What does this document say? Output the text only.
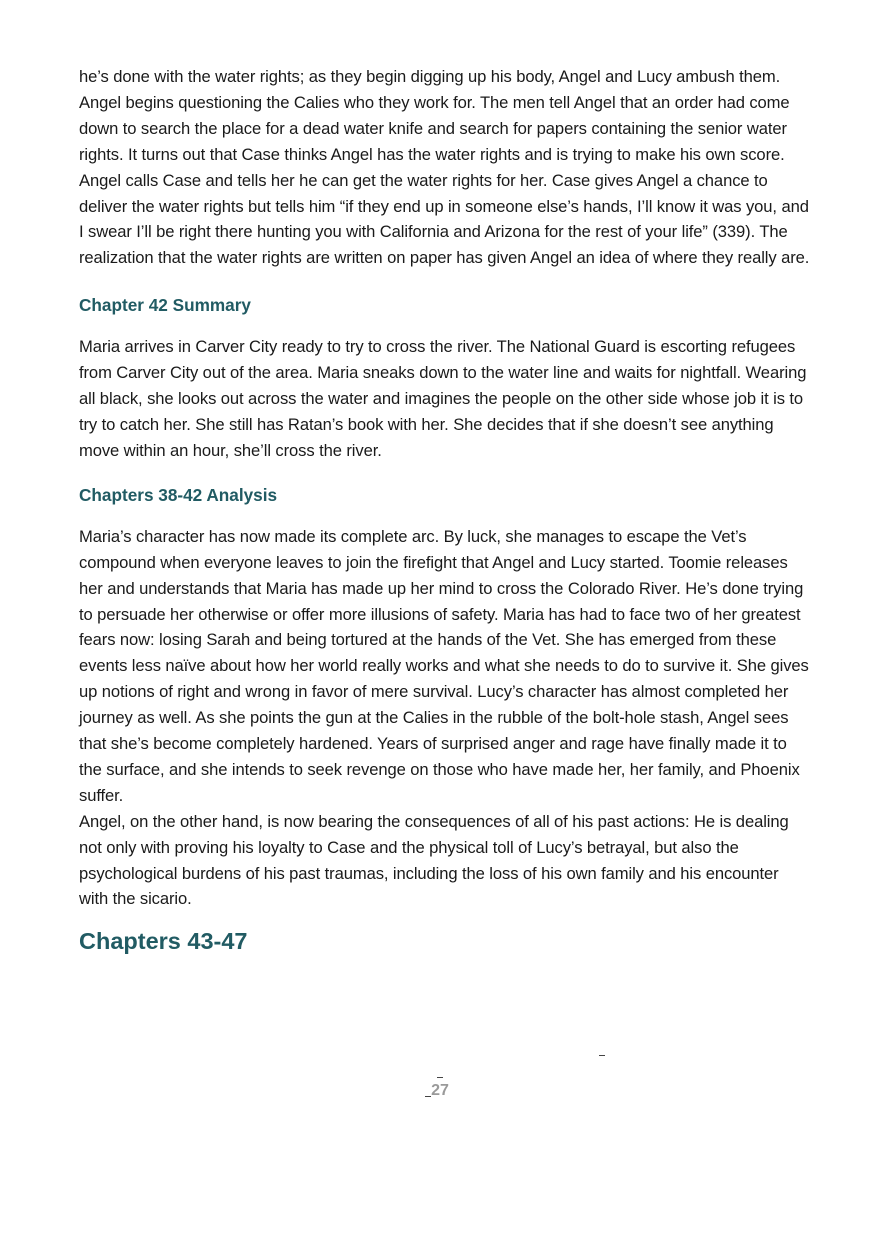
he’s done with the water rights; as they begin digging up his body, Angel and Lucy ambush them. Angel begins questioning the Calies who they work for. The men tell Angel that an order had come down to search the place for a dead water knife and search for papers containing the senior water rights. It turns out that Case thinks Angel has the water rights and is trying to make his own score. Angel calls Case and tells her he can get the water rights for her. Case gives Angel a chance to deliver the water rights but tells him “if they end up in someone else’s hands, I’ll know it was you, and I swear I’ll be right there hunting you with California and Arizona for the rest of your life” (339). The realization that the water rights are written on paper has given Angel an idea of where they really are.

Chapter 42 Summary

Maria arrives in Carver City ready to try to cross the river. The National Guard is escorting refugees from Carver City out of the area. Maria sneaks down to the water line and waits for nightfall. Wearing all black, she looks out across the water and imagines the people on the other side whose job it is to try to catch her. She still has Ratan’s book with her. She decides that if she doesn’t see anything move within an hour, she’ll cross the river.

Chapters 38-42 Analysis

Maria’s character has now made its complete arc. By luck, she manages to escape the Vet’s compound when everyone leaves to join the firefight that Angel and Lucy started. Toomie releases her and understands that Maria has made up her mind to cross the Colorado River. He’s done trying to persuade her otherwise or offer more illusions of safety. Maria has had to face two of her greatest fears now: losing Sarah and being tortured at the hands of the Vet. She has emerged from these events less naïve about how her world really works and what she needs to do to survive it. She gives up notions of right and wrong in favor of mere survival. Lucy’s character has almost completed her journey as well. As she points the gun at the Calies in the rubble of the bolt-hole stash, Angel sees that she’s become completely hardened. Years of surprised anger and rage have finally made it to the surface, and she intends to seek revenge on those who have made her, her family, and Phoenix suffer.

Angel, on the other hand, is now bearing the consequences of all of his past actions: He is dealing not only with proving his loyalty to Case and the physical toll of Lucy’s betrayal, but also the psychological burdens of his past traumas, including the loss of his own family and his encounter with the sicario.

Chapters 43-47
27
